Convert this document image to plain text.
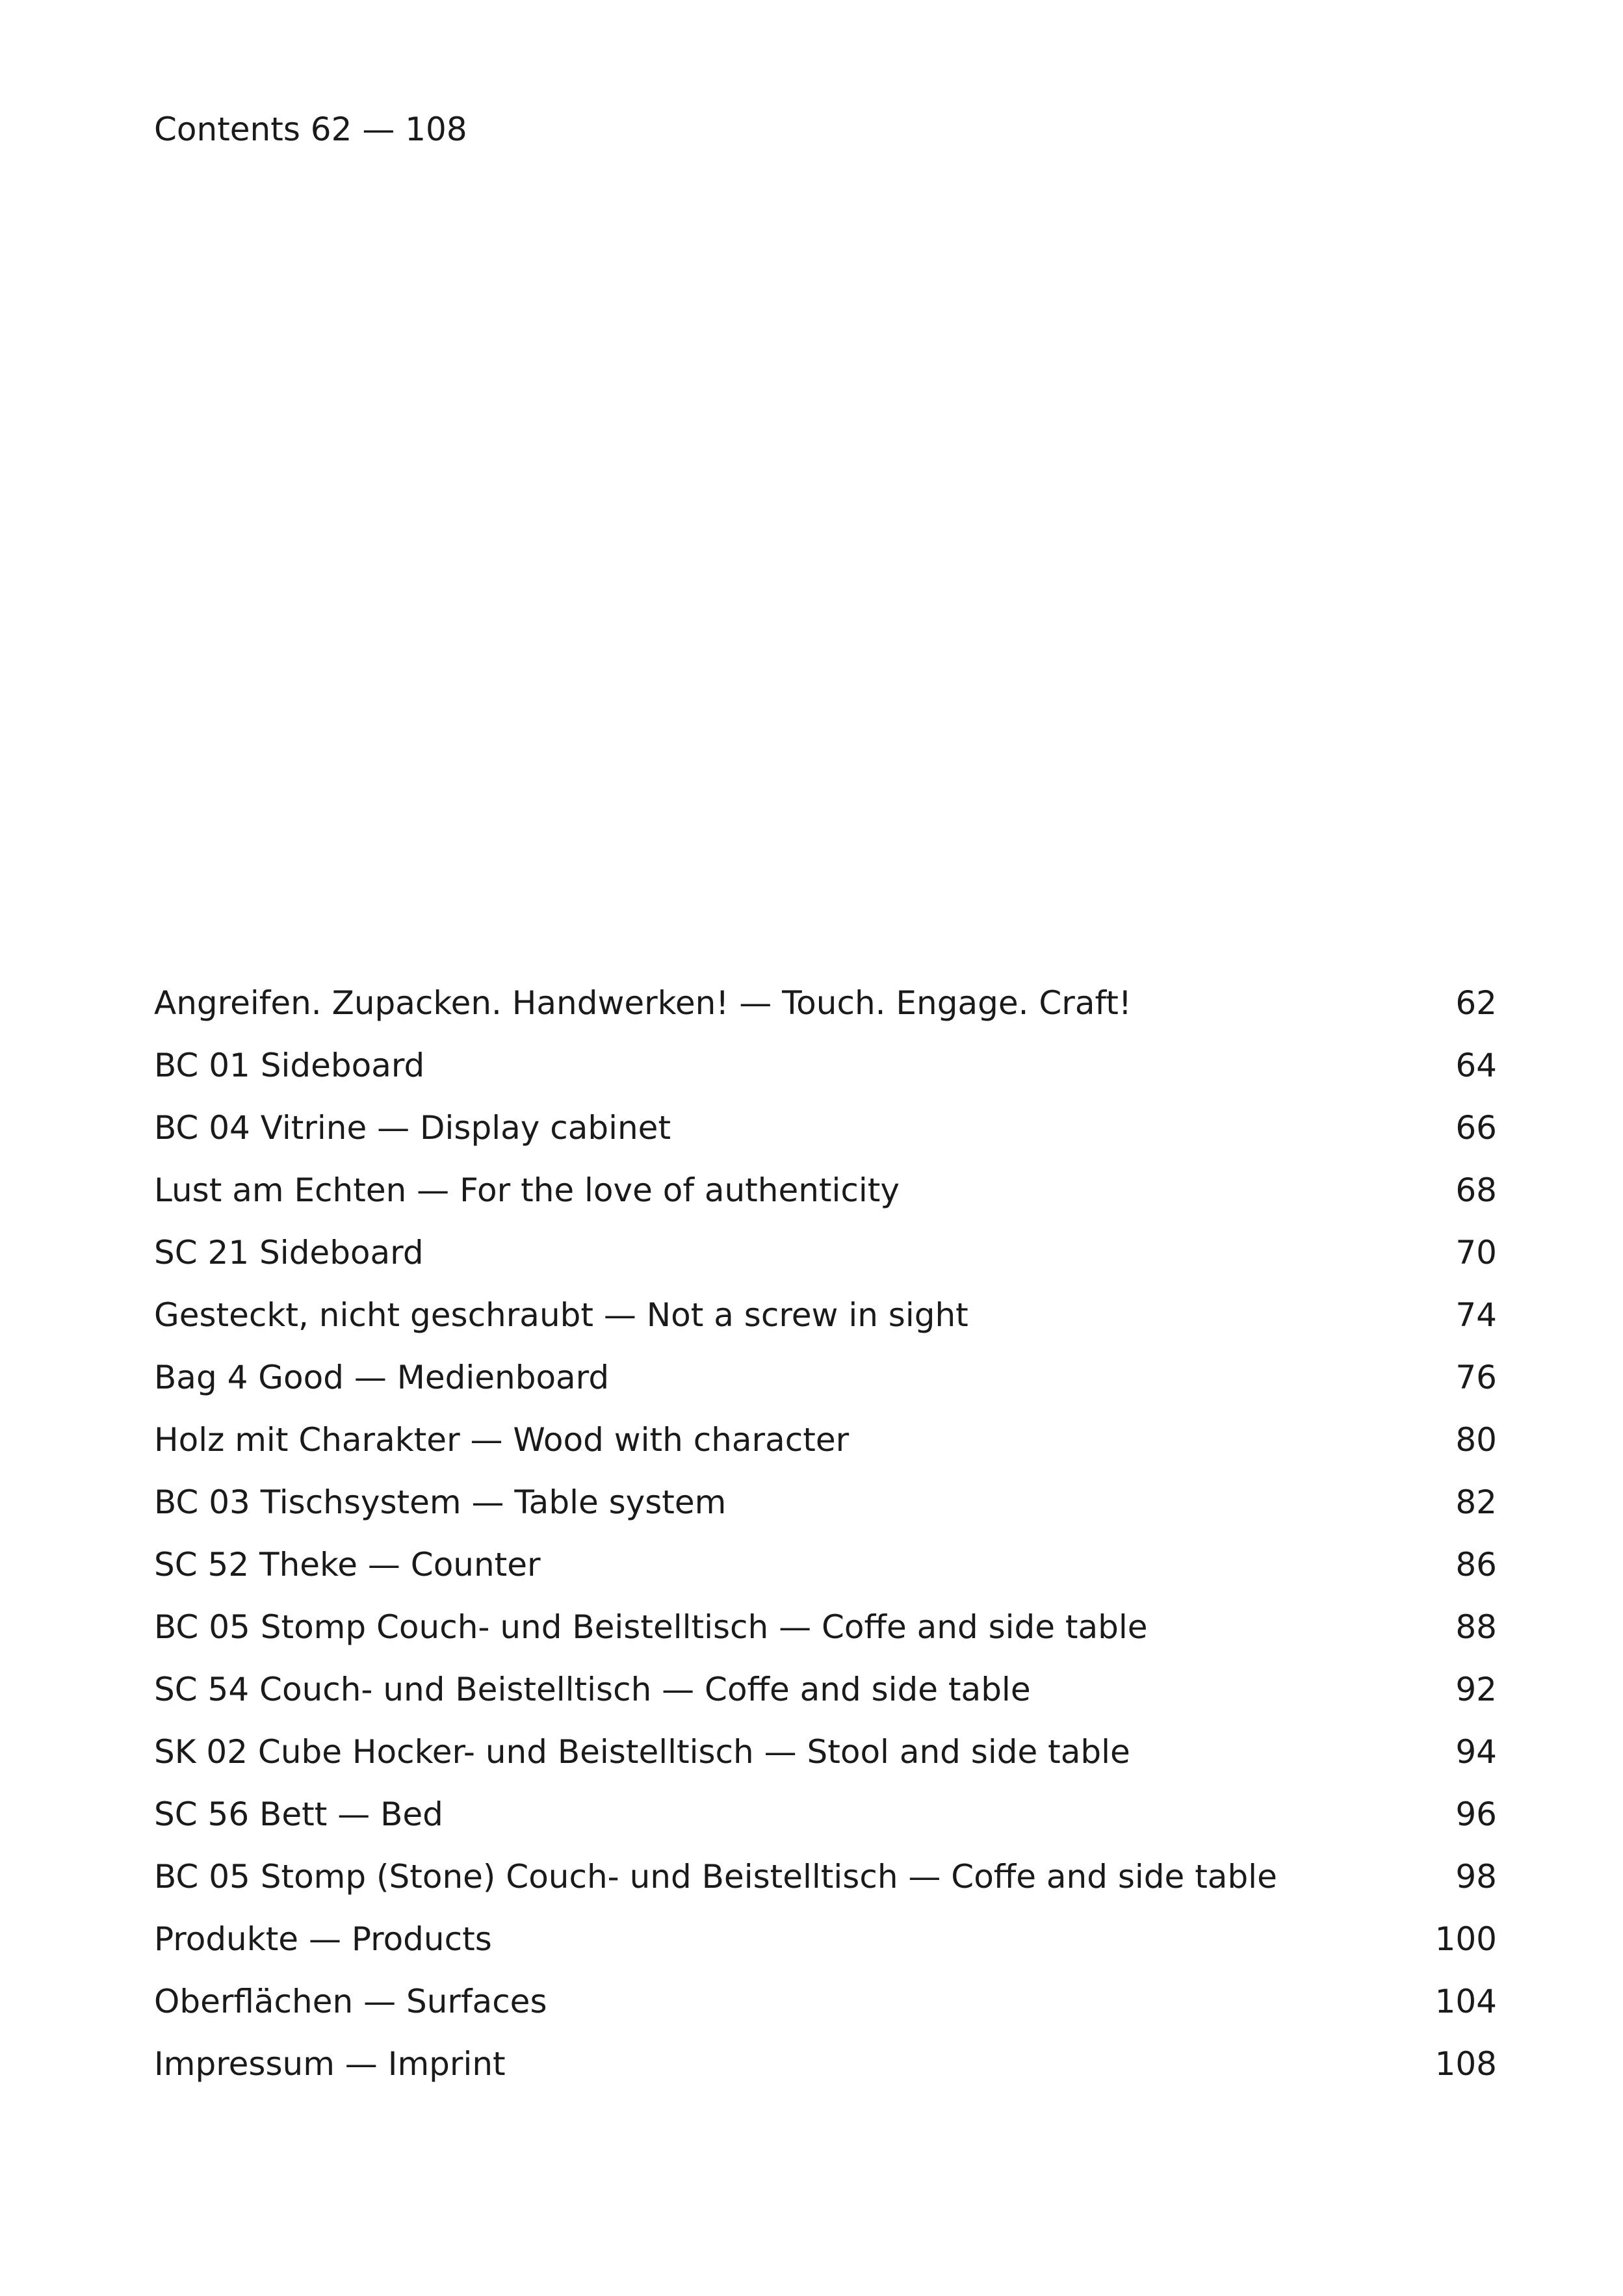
Contents 62 — 108
Angreifen. Zupacken. Handwerken! — Touch. Engage. Craft!	62
BC 01 Sideboard	64
BC 04 Vitrine — Display cabinet	66
Lust am Echten — For the love of authenticity	68
SC 21 Sideboard	70
Gesteckt, nicht geschraubt — Not a screw in sight	74
Bag 4 Good — Medienboard	76
Holz mit Charakter — Wood with character	80
BC 03 Tischsystem — Table system	82
SC 52 Theke — Counter	86
BC 05 Stomp Couch- und Beistelltisch — Coffe and side table	88
SC 54 Couch- und Beistelltisch — Coffe and side table	92
SK 02 Cube Hocker- und Beistelltisch — Stool and side table	94
SC 56 Bett — Bed	96
BC 05 Stomp (Stone) Couch- und Beistelltisch — Coffe and side table	98
Produkte — Products	100
Oberflächen — Surfaces	104
Impressum — Imprint	108
